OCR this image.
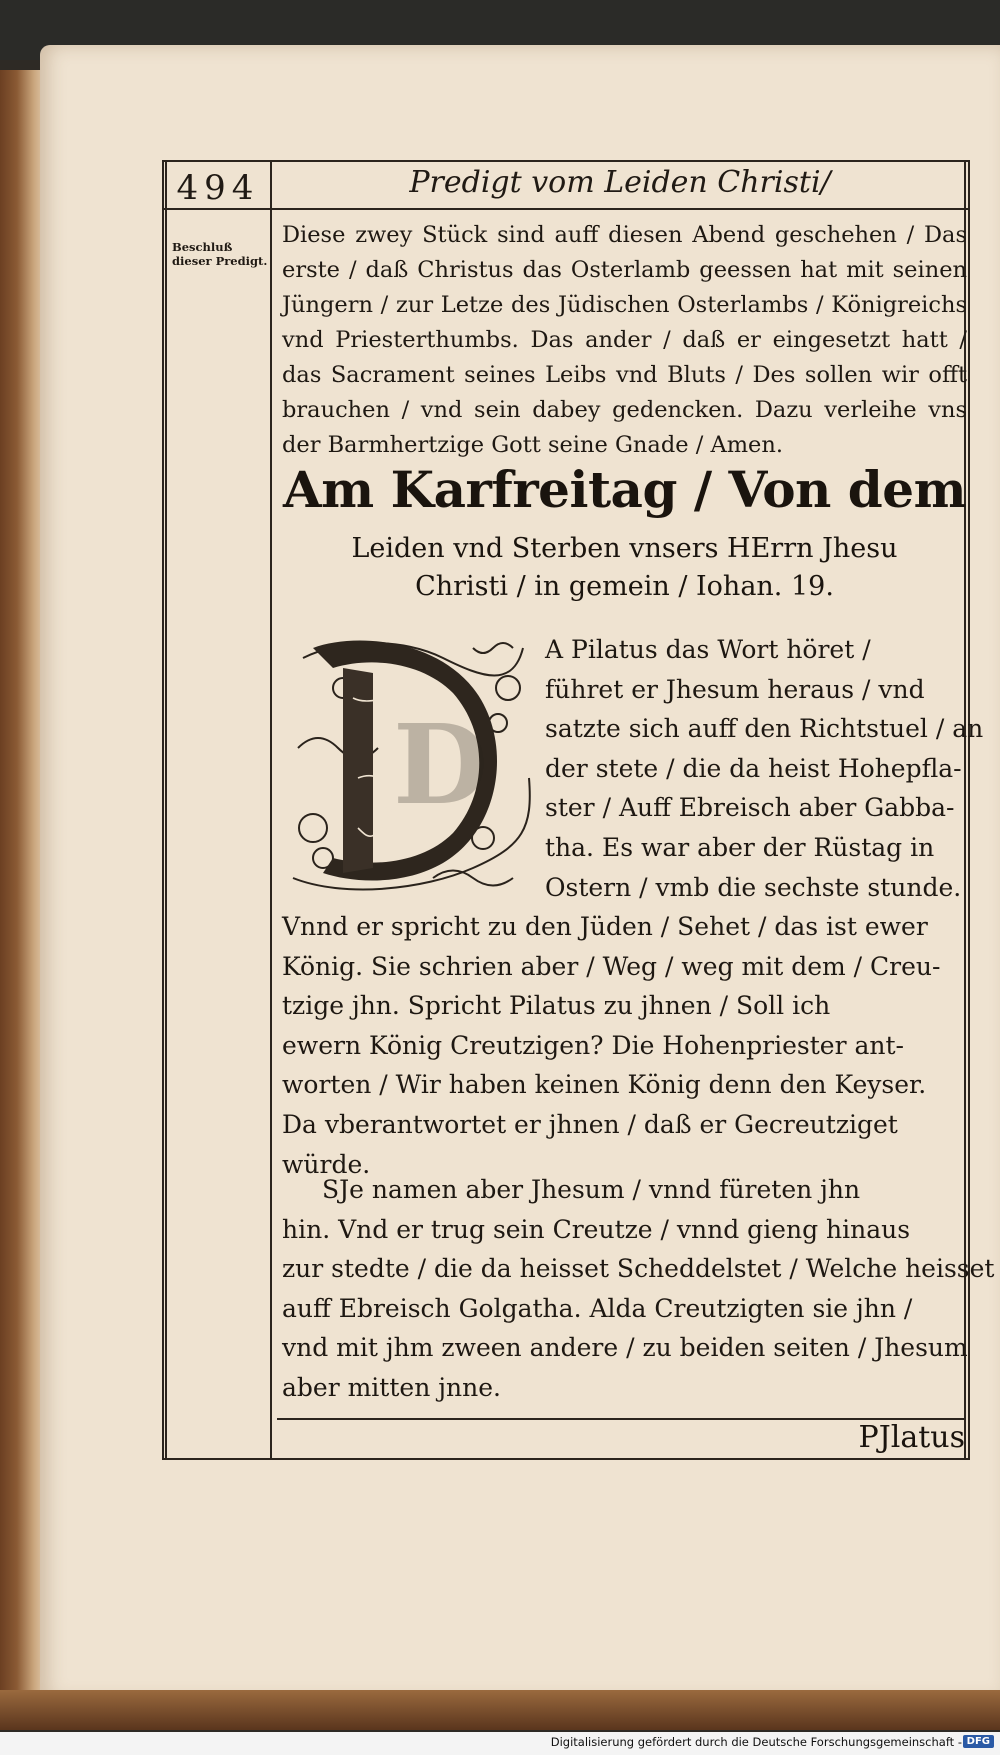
494	Predigt vom Leiden Christi/
Beschluß dieser Predigt.
Diese zwey Stück sind auff diesen Abend geschehen / Das erste / daß Christus das Osterlamb geessen hat mit seinen Jüngern / zur Letze des Jüdischen Osterlambs / Königreichs vnd Priesterthumbs. Das ander / daß er eingesetzt hatt / das Sacrament seines Leibs vnd Bluts / Des sollen wir offt brauchen / vnd sein dabey gedencken. Dazu verleihe vns der Barmhertzige Gott seine Gnade / Amen.
Am Karfreitag / Von dem
Leiden vnd Sterben vnsers HErrn Jhesu
Christi / in gemein / Iohan. 19.
D
A Pilatus das Wort höret /
führet er Jhesum heraus / vnd
satzte sich auff den Richtstuel / an
der stete / die da heist Hohepfla-
ster / Auff Ebreisch aber Gabba-
tha. Es war aber der Rüstag in
Ostern / vmb die sechste stunde.
Vnnd er spricht zu den Jüden / Sehet / das ist ewer
König. Sie schrien aber / Weg / weg mit dem / Creu-
tzige jhn. Spricht Pilatus zu jhnen / Soll ich
ewern König Creutzigen? Die Hohenpriester ant-
worten / Wir haben keinen König denn den Keyser.
Da vberantwortet er jhnen / daß er Gecreutziget
würde.
SJe namen aber Jhesum / vnnd füreten jhn
hin. Vnd er trug sein Creutze / vnnd gieng hinaus
zur stedte / die da heisset Scheddelstet / Welche heisset
auff Ebreisch Golgatha. Alda Creutzigten sie jhn /
vnd mit jhm zween andere / zu beiden seiten / Jhesum
aber mitten jnne.
PJlatus
Digitalisierung gefördert durch die Deutsche Forschungsgemeinschaft - DFG
